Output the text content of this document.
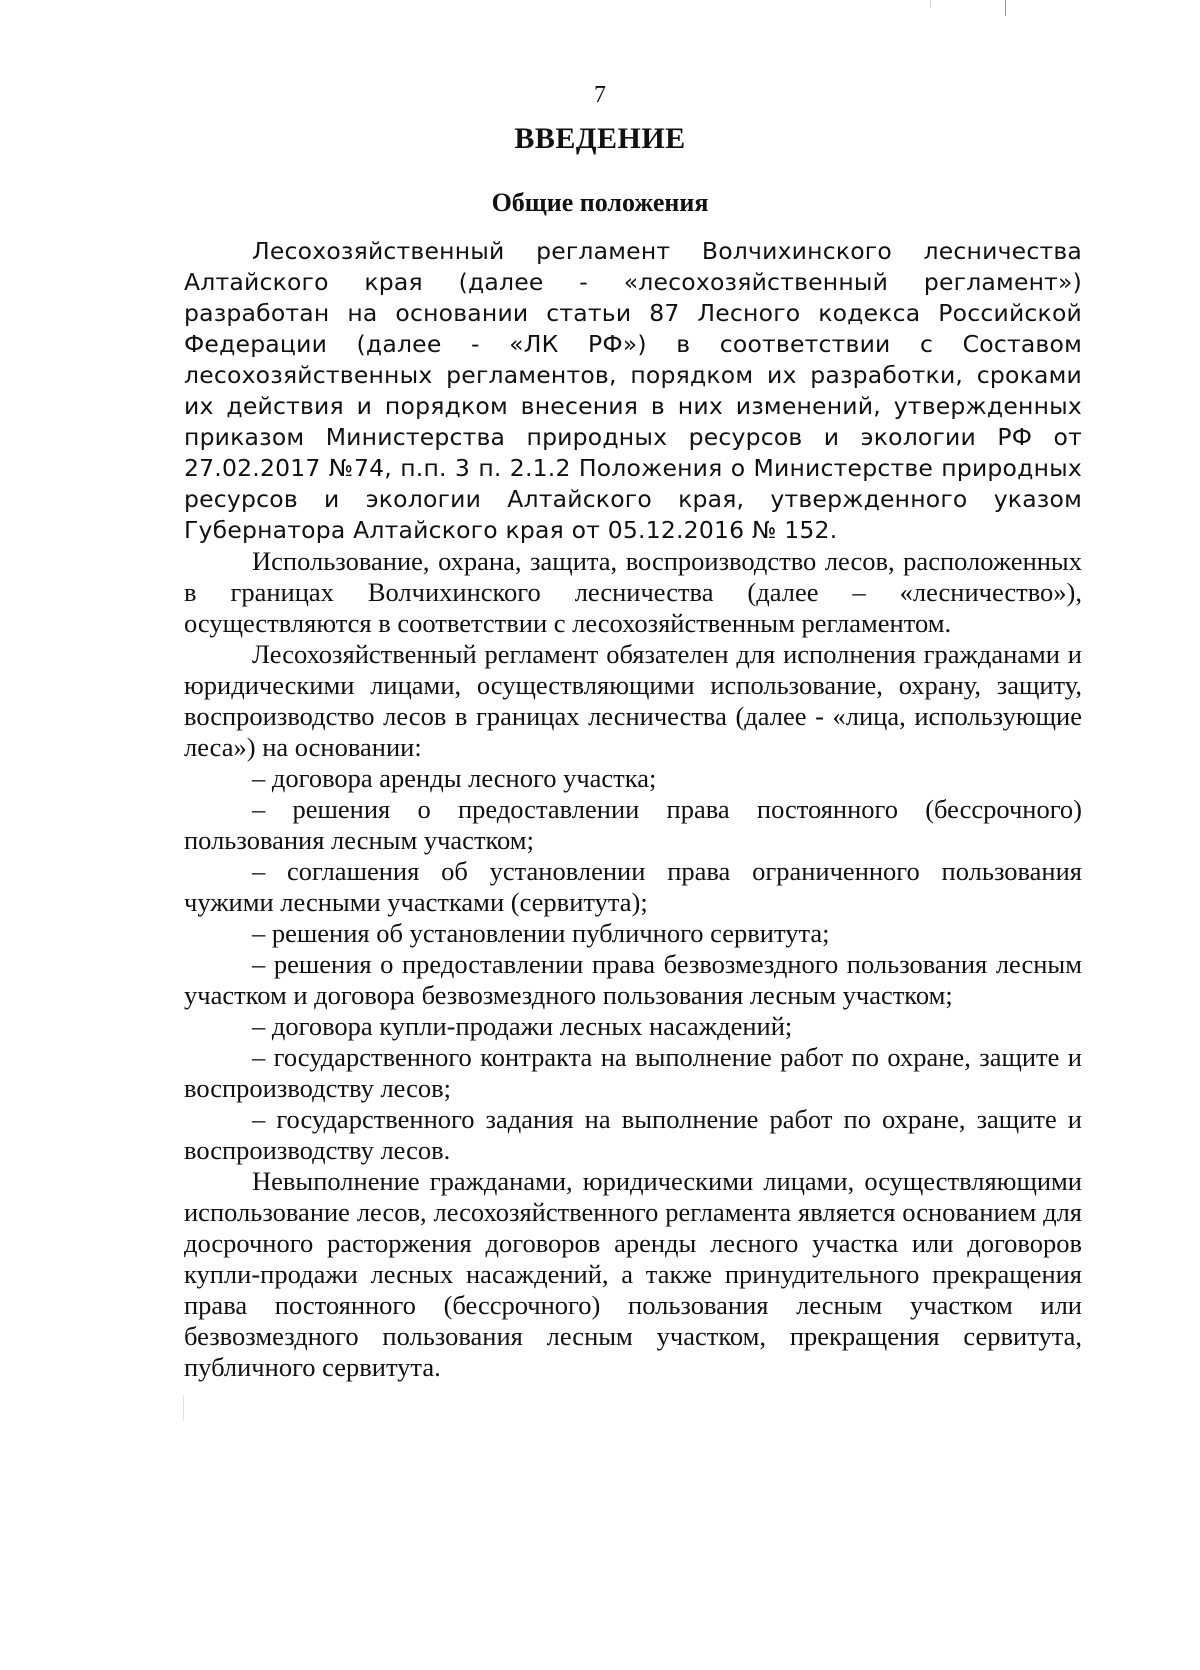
7
ВВЕДЕНИЕ
Общие положения

Лесохозяйственный регламент Волчихинского лесничества Алтайского края (далее - «лесохозяйственный регламент») разработан на основании статьи 87 Лесного кодекса Российской Федерации (далее - «ЛК РФ») в соответствии с Составом лесохозяйственных регламентов, порядком их разработки, сроками их действия и порядком внесения в них изменений, утвержденных приказом Министерства природных ресурсов и экологии РФ от 27.02.2017 №74, п.п. 3 п. 2.1.2 Положения о Министерстве природных ресурсов и экологии Алтайского края, утвержденного указом Губернатора Алтайского края от 05.12.2016 № 152.

Использование, охрана, защита, воспроизводство лесов, расположенных в границах Волчихинского лесничества (далее – «лесничество»), осуществляются в соответствии с лесохозяйственным регламентом.

Лесохозяйственный регламент обязателен для исполнения гражданами и юридическими лицами, осуществляющими использование, охрану, защиту, воспроизводство лесов в границах лесничества (далее - «лица, использующие леса») на основании:

– договора аренды лесного участка;

– решения о предоставлении права постоянного (бессрочного) пользования лесным участком;

– соглашения об установлении права ограниченного пользования чужими лесными участками (сервитута);

– решения об установлении публичного сервитута;

– решения о предоставлении права безвозмездного пользования лесным участком и договора безвозмездного пользования лесным участком;

– договора купли-продажи лесных насаждений;

– государственного контракта на выполнение работ по охране, защите и воспроизводству лесов;

– государственного задания на выполнение работ по охране, защите и воспроизводству лесов.

Невыполнение гражданами, юридическими лицами, осуществляющими использование лесов, лесохозяйственного регламента является основанием для досрочного расторжения договоров аренды лесного участка или договоров купли-продажи лесных насаждений, а также принудительного прекращения права постоянного (бессрочного) пользования лесным участком или безвозмездного пользования лесным участком, прекращения сервитута, публичного сервитута.
